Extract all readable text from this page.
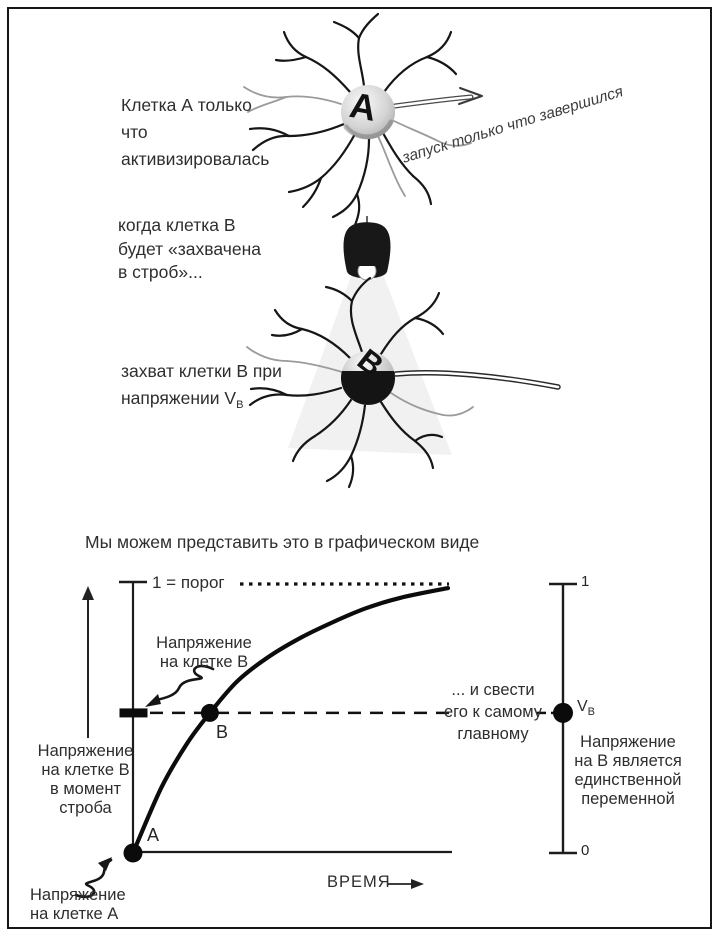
Клетка А только что
активизировалась	запуск только что завершился
когда клетка В
будет «захвачена
в строб»...
захват клетки В при
напряжении $V_В$
A
B
Мы можем представить это в графическом виде
1 = порог
Напряжение
на клетке В
Напряжение
на клетке В
в момент
строба
Напряжение
на клетке А
ВРЕМЯ
... и свести
его к самому
главному	Напряжение
на В является
единственной
переменной
A
B
1
0
$V_В$
